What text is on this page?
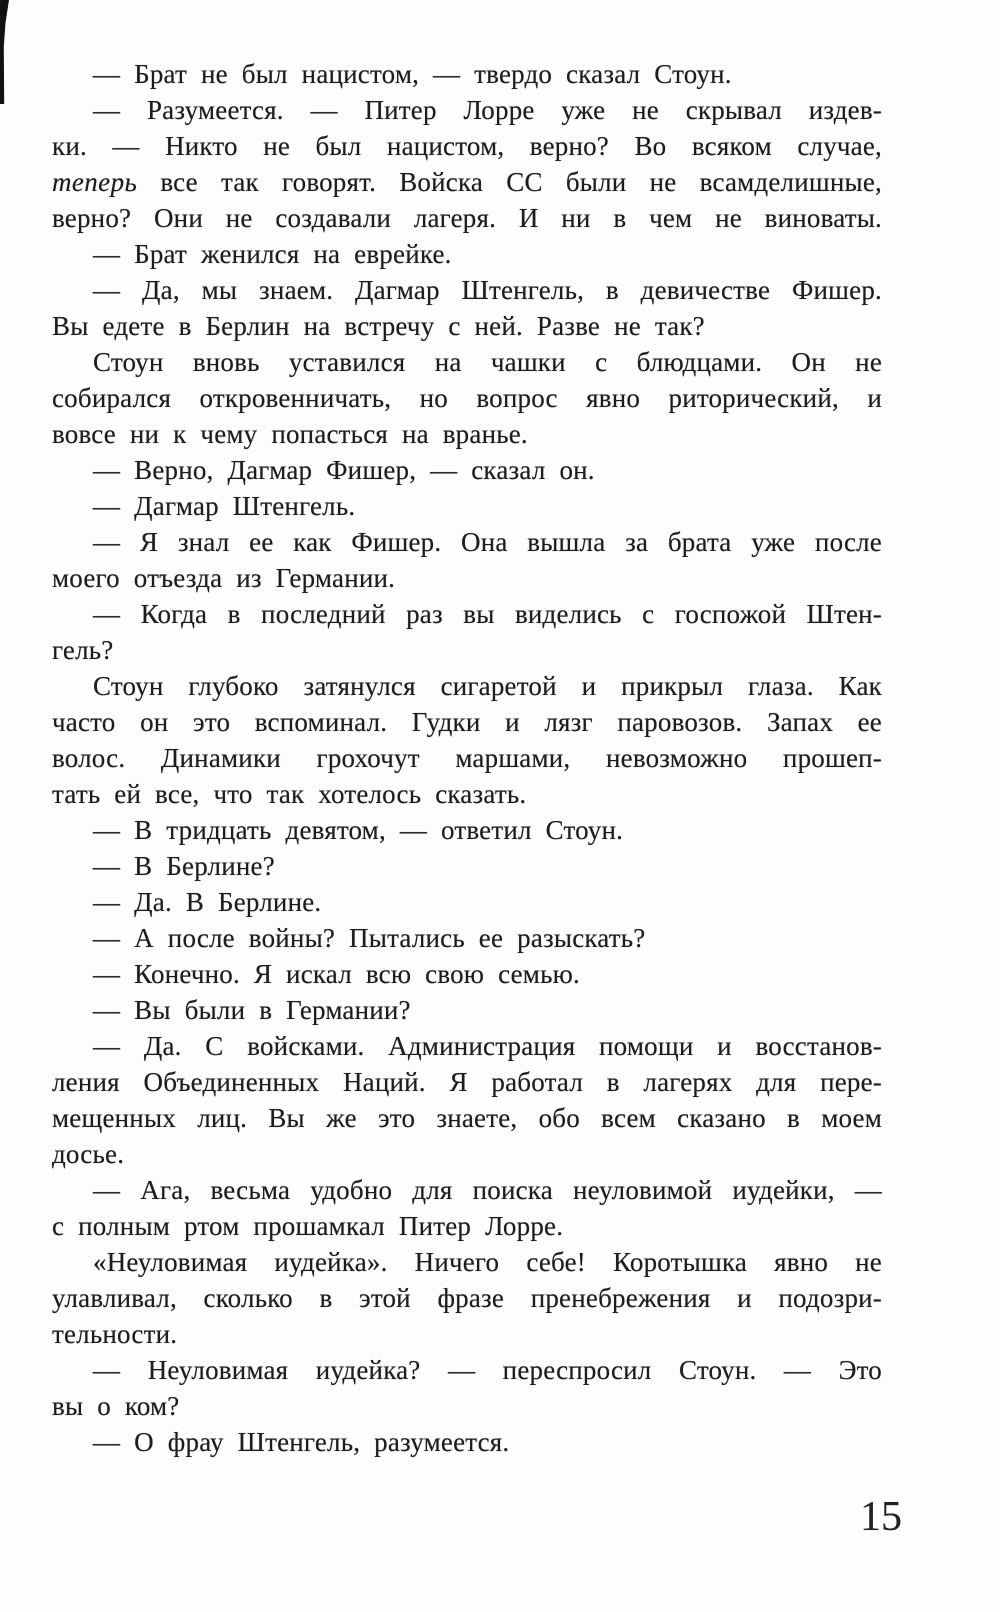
— Брат не был нацистом, — твердо сказал Стоун.
— Разумеется. — Питер Лорре уже не скрывал издев-
ки. — Никто не был нацистом, верно? Во всяком случае,
теперь все так говорят. Войска СС были не всамделишные,
верно? Они не создавали лагеря. И ни в чем не виноваты.
— Брат женился на еврейке.
— Да, мы знаем. Дагмар Штенгель, в девичестве Фишер.
Вы едете в Берлин на встречу с ней. Разве не так?
Стоун вновь уставился на чашки с блюдцами. Он не
собирался откровенничать, но вопрос явно риторический, и
вовсе ни к чему попасться на вранье.
— Верно, Дагмар Фишер, — сказал он.
— Дагмар Штенгель.
— Я знал ее как Фишер. Она вышла за брата уже после
моего отъезда из Германии.
— Когда в последний раз вы виделись с госпожой Штен-
гель?
Стоун глубоко затянулся сигаретой и прикрыл глаза. Как
часто он это вспоминал. Гудки и лязг паровозов. Запах ее
волос. Динамики грохочут маршами, невозможно прошеп-
тать ей все, что так хотелось сказать.
— В тридцать девятом, — ответил Стоун.
— В Берлине?
— Да. В Берлине.
— А после войны? Пытались ее разыскать?
— Конечно. Я искал всю свою семью.
— Вы были в Германии?
— Да. С войсками. Администрация помощи и восстанов-
ления Объединенных Наций. Я работал в лагерях для пере-
мещенных лиц. Вы же это знаете, обо всем сказано в моем
досье.
— Ага, весьма удобно для поиска неуловимой иудейки, —
с полным ртом прошамкал Питер Лорре.
«Неуловимая иудейка». Ничего себе! Коротышка явно не
улавливал, сколько в этой фразе пренебрежения и подозри-
тельности.
— Неуловимая иудейка? — переспросил Стоун. — Это
вы о ком?
— О фрау Штенгель, разумеется.
15
